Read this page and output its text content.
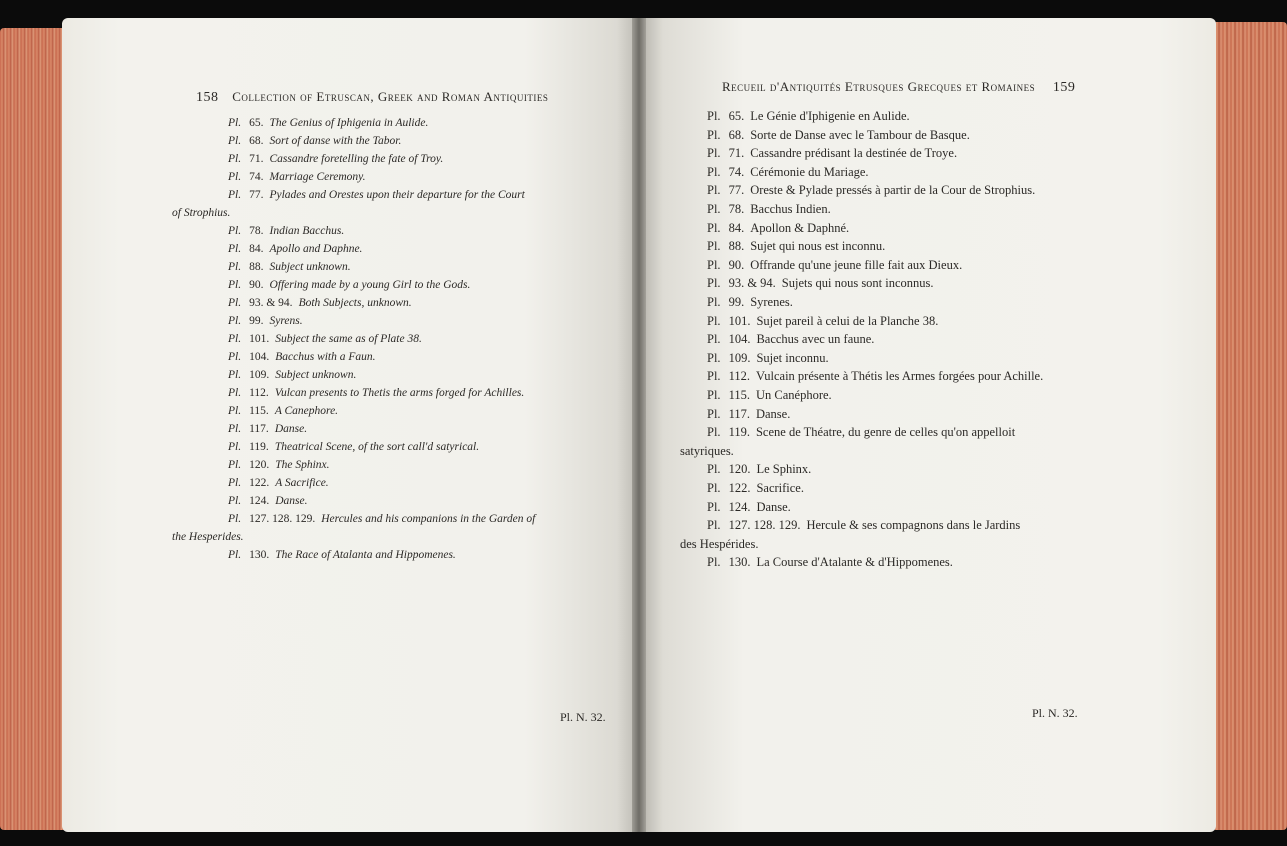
158 Collection of Etruscan, Greek and Roman Antiquities
Pl. 65. The Genius of Iphigenia in Aulide.
Pl. 68. Sort of danse with the Tabor.
Pl. 71. Cassandre foretelling the fate of Troy.
Pl. 74. Marriage Ceremony.
Pl. 77. Pylades and Orestes upon their departure for the Court
of Strophius.
Pl. 78. Indian Bacchus.
Pl. 84. Apollo and Daphne.
Pl. 88. Subject unknown.
Pl. 90. Offering made by a young Girl to the Gods.
Pl. 93. & 94. Both Subjects, unknown.
Pl. 99. Syrens.
Pl. 101. Subject the same as of Plate 38.
Pl. 104. Bacchus with a Faun.
Pl. 109. Subject unknown.
Pl. 112. Vulcan presents to Thetis the arms forged for Achilles.
Pl. 115. A Canephore.
Pl. 117. Danse.
Pl. 119. Theatrical Scene, of the sort call'd satyrical.
Pl. 120. The Sphinx.
Pl. 122. A Sacrifice.
Pl. 124. Danse.
Pl. 127. 128. 129. Hercules and his companions in the Garden of
the Hesperides.
Pl. 130. The Race of Atalanta and Hippomenes.
Pl. N. 32.
Recueil d'Antiquités Etrusques Grecques et Romaines 159
Pl. 65. Le Génie d'Iphigenie en Aulide.
Pl. 68. Sorte de Danse avec le Tambour de Basque.
Pl. 71. Cassandre prédisant la destinée de Troye.
Pl. 74. Cérémonie du Mariage.
Pl. 77. Oreste & Pylade pressés à partir de la Cour de Strophius.
Pl. 78. Bacchus Indien.
Pl. 84. Apollon & Daphné.
Pl. 88. Sujet qui nous est inconnu.
Pl. 90. Offrande qu'une jeune fille fait aux Dieux.
Pl. 93. & 94. Sujets qui nous sont inconnus.
Pl. 99. Syrenes.
Pl. 101. Sujet pareil à celui de la Planche 38.
Pl. 104. Bacchus avec un faune.
Pl. 109. Sujet inconnu.
Pl. 112. Vulcain présente à Thétis les Armes forgées pour Achille.
Pl. 115. Un Canéphore.
Pl. 117. Danse.
Pl. 119. Scene de Théatre, du genre de celles qu'on appelloit
satyriques.
Pl. 120. Le Sphinx.
Pl. 122. Sacrifice.
Pl. 124. Danse.
Pl. 127. 128. 129. Hercule & ses compagnons dans le Jardins
des Hespérides.
Pl. 130. La Course d'Atalante & d'Hippomenes.
Pl. N. 32.
